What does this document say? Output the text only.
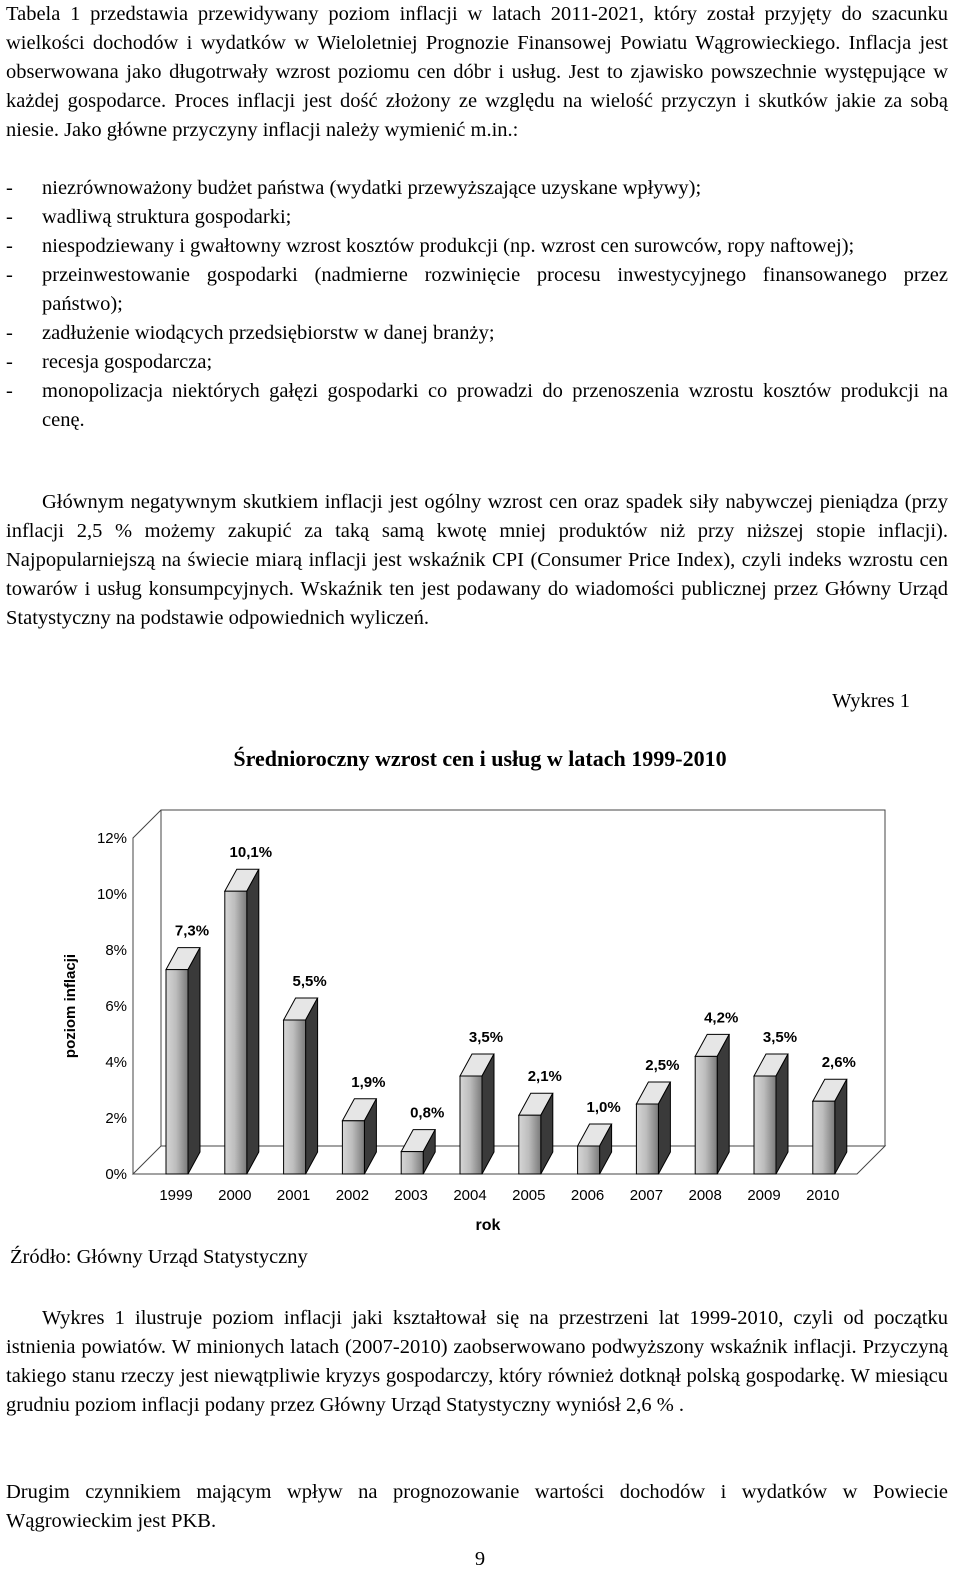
Tabela 1 przedstawia przewidywany poziom inflacji w latach 2011-2021, który został przyjęty do szacunku wielkości dochodów i wydatków w Wieloletniej Prognozie Finansowej Powiatu Wągrowieckiego. Inflacja jest obserwowana jako długotrwały wzrost poziomu cen dóbr i usług. Jest to zjawisko powszechnie występujące w każdej gospodarce. Proces inflacji jest dość złożony ze względu na wielość przyczyn i skutków jakie za sobą niesie. Jako główne przyczyny inflacji należy wymienić m.in.:

- niezrównoważony budżet państwa (wydatki przewyższające uzyskane wpływy);
- wadliwą struktura gospodarki;
- niespodziewany i gwałtowny wzrost kosztów produkcji (np. wzrost cen surowców, ropy naftowej);
- przeinwestowanie gospodarki (nadmierne rozwinięcie procesu inwestycyjnego finansowanego przez państwo);
- zadłużenie wiodących przedsiębiorstw w danej branży;
- recesja gospodarcza;
- monopolizacja niektórych gałęzi gospodarki co prowadzi do przenoszenia wzrostu kosztów produkcji na cenę.

Głównym negatywnym skutkiem inflacji jest ogólny wzrost cen oraz spadek siły nabywczej pieniądza (przy inflacji 2,5 % możemy zakupić za taką samą kwotę mniej produktów niż przy niższej stopie inflacji). Najpopularniejszą na świecie miarą inflacji jest wskaźnik CPI (Consumer Price Index), czyli indeks wzrostu cen towarów i usług konsumpcyjnych. Wskaźnik ten jest podawany do wiadomości publicznej przez Główny Urząd Statystyczny na podstawie odpowiednich wyliczeń.

Wykres 1
Średnioroczny wzrost cen i usług w latach 1999-2010
0%
2%
4%
6%
8%
10%
12%
7,3%
1999
10,1%
2000
5,5%
2001
1,9%
2002
0,8%
2003
3,5%
2004
2,1%
2005
1,0%
2006
2,5%
2007
4,2%
2008
3,5%
2009
2,6%
2010
poziom inflacji
rok
Źródło: Główny Urząd Statystyczny

Wykres 1 ilustruje poziom inflacji jaki kształtował się na przestrzeni lat 1999-2010, czyli od początku istnienia powiatów. W minionych latach (2007-2010) zaobserwowano podwyższony wskaźnik inflacji. Przyczyną takiego stanu rzeczy jest niewątpliwie kryzys gospodarczy, który również dotknął polską gospodarkę. W miesiącu grudniu poziom inflacji podany przez Główny Urząd Statystyczny wyniósł 2,6 % .

Drugim czynnikiem mającym wpływ na prognozowanie wartości dochodów i wydatków w Powiecie Wągrowieckim jest PKB.

9
